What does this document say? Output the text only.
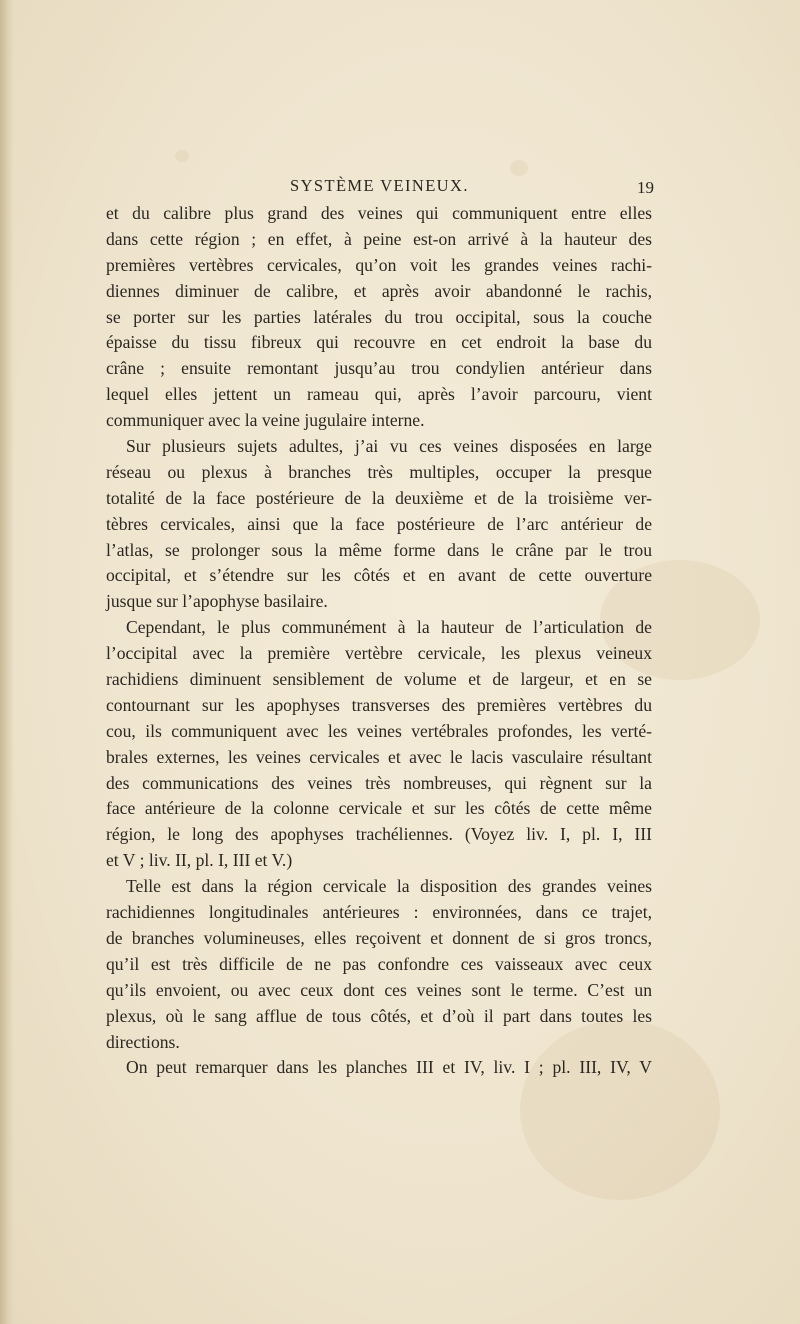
SYSTÈME VEINEUX.	19
et du calibre plus grand des veines qui communiquent entre elles
dans cette région ; en effet, à peine est-on arrivé à la hauteur des
premières vertèbres cervicales, qu’on voit les grandes veines rachi-
diennes diminuer de calibre, et après avoir abandonné le rachis,
se porter sur les parties latérales du trou occipital, sous la couche
épaisse du tissu fibreux qui recouvre en cet endroit la base du
crâne ; ensuite remontant jusqu’au trou condylien antérieur dans
lequel elles jettent un rameau qui, après l’avoir parcouru, vient
communiquer avec la veine jugulaire interne.
Sur plusieurs sujets adultes, j’ai vu ces veines disposées en large
réseau ou plexus à branches très multiples, occuper la presque
totalité de la face postérieure de la deuxième et de la troisième ver-
tèbres cervicales, ainsi que la face postérieure de l’arc antérieur de
l’atlas, se prolonger sous la même forme dans le crâne par le trou
occipital, et s’étendre sur les côtés et en avant de cette ouverture
jusque sur l’apophyse basilaire.
Cependant, le plus communément à la hauteur de l’articulation de
l’occipital avec la première vertèbre cervicale, les plexus veineux
rachidiens diminuent sensiblement de volume et de largeur, et en se
contournant sur les apophyses transverses des premières vertèbres du
cou, ils communiquent avec les veines vertébrales profondes, les verté-
brales externes, les veines cervicales et avec le lacis vasculaire résultant
des communications des veines très nombreuses, qui règnent sur la
face antérieure de la colonne cervicale et sur les côtés de cette même
région, le long des apophyses trachéliennes. (Voyez liv. I, pl. I, III
et V ; liv. II, pl. I, III et V.)
Telle est dans la région cervicale la disposition des grandes veines
rachidiennes longitudinales antérieures : environnées, dans ce trajet,
de branches volumineuses, elles reçoivent et donnent de si gros troncs,
qu’il est très difficile de ne pas confondre ces vaisseaux avec ceux
qu’ils envoient, ou avec ceux dont ces veines sont le terme. C’est un
plexus, où le sang afflue de tous côtés, et d’où il part dans toutes les
directions.
On peut remarquer dans les planches III et IV, liv. I ; pl. III, IV, V
